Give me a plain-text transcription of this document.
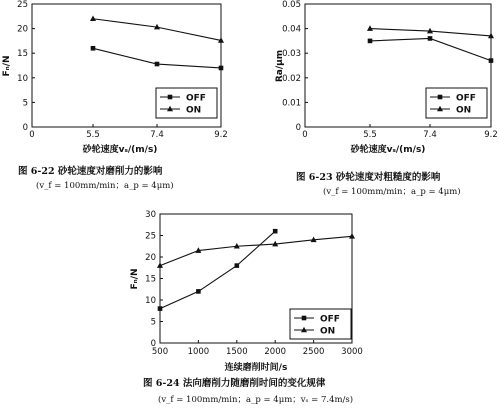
0
5
10
15
20
25
0	5.5	7.4	9.2
砂轮速度vₛ/(m/s)
Fₙ/N
OFF
ON
图 6-22 砂轮速度对磨削力的影响
(v_f = 100mm/min；a_p = 4μm)
0
0.01
0.02
0.03
0.04
0.05
0	5.5	7.4	9.2
砂轮速度vₛ/(m/s)
Ra/μm
OFF
ON
图 6-23 砂轮速度对粗糙度的影响
(v_f = 100mm/min；a_p = 4μm)
0
5
10
15
20
25
30
500 1000 1500 2000 2500 3000
连续磨削时间/s
Fₙ/N
OFF
ON
图 6-24 法向磨削力随磨削时间的变化规律
(v_f = 100mm/min；a_p = 4μm；vₛ = 7.4m/s)
